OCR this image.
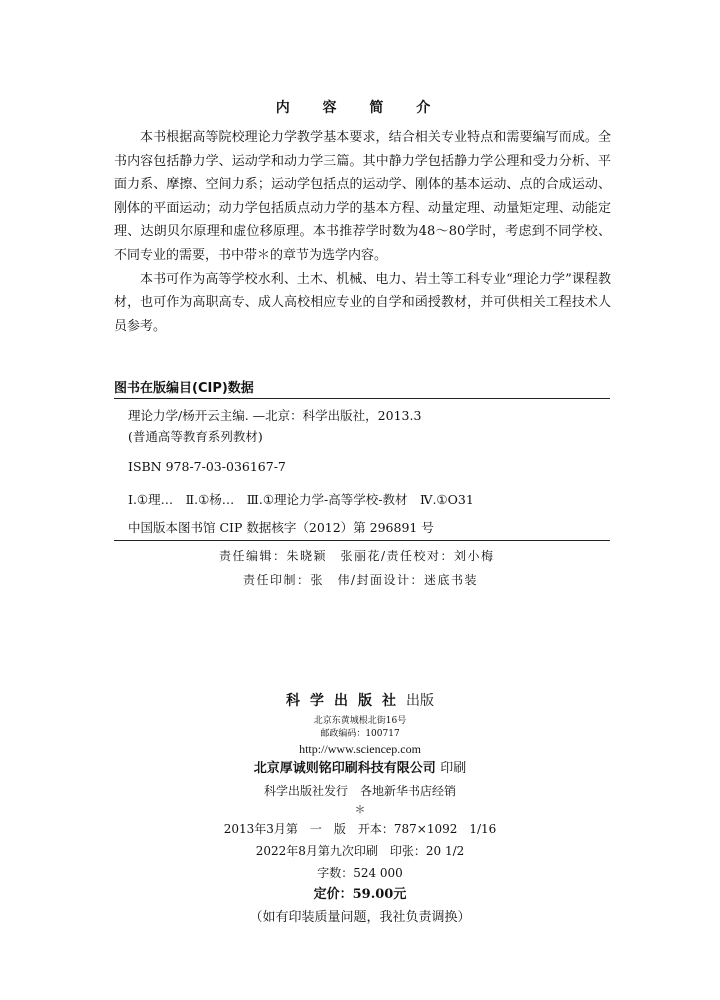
内 容 简 介

本书根据高等院校理论力学教学基本要求，结合相关专业特点和需要编写而成。全书内容包括静力学、运动学和动力学三篇。其中静力学包括静力学公理和受力分析、平面力系、摩擦、空间力系；运动学包括点的运动学、刚体的基本运动、点的合成运动、刚体的平面运动；动力学包括质点动力学的基本方程、动量定理、动量矩定理、动能定理、达朗贝尔原理和虚位移原理。本书推荐学时数为48～80学时，考虑到不同学校、不同专业的需要，书中带＊的章节为选学内容。

本书可作为高等学校水利、土木、机械、电力、岩土等工科专业“理论力学”课程教材，也可作为高职高专、成人高校相应专业的自学和函授教材，并可供相关工程技术人员参考。

图书在版编目(CIP)数据

理论力学/杨开云主编. —北京：科学出版社，2013.3

(普通高等教育系列教材)

ISBN 978-7-03-036167-7
Ⅰ.①理…　Ⅱ.①杨…　Ⅲ.①理论力学-高等学校-教材　Ⅳ.①O31
中国版本图书馆 CIP 数据核字（2012）第 296891 号
责任编辑：朱晓颖　张丽花/责任校对：刘小梅
责任印制：张　伟/封面设计：迷底书装

科学出版社出版

北京东黄城根北街16号

邮政编码：100717

http://www.sciencep.com

北京厚诚则铭印刷科技有限公司 印刷

科学出版社发行　各地新华书店经销

＊

2013年3月第　一　版　开本：787×1092　1/16

2022年8月第九次印刷　印张：20 1/2

字数：524 000

定价：59.00元

（如有印装质量问题，我社负责调换）
